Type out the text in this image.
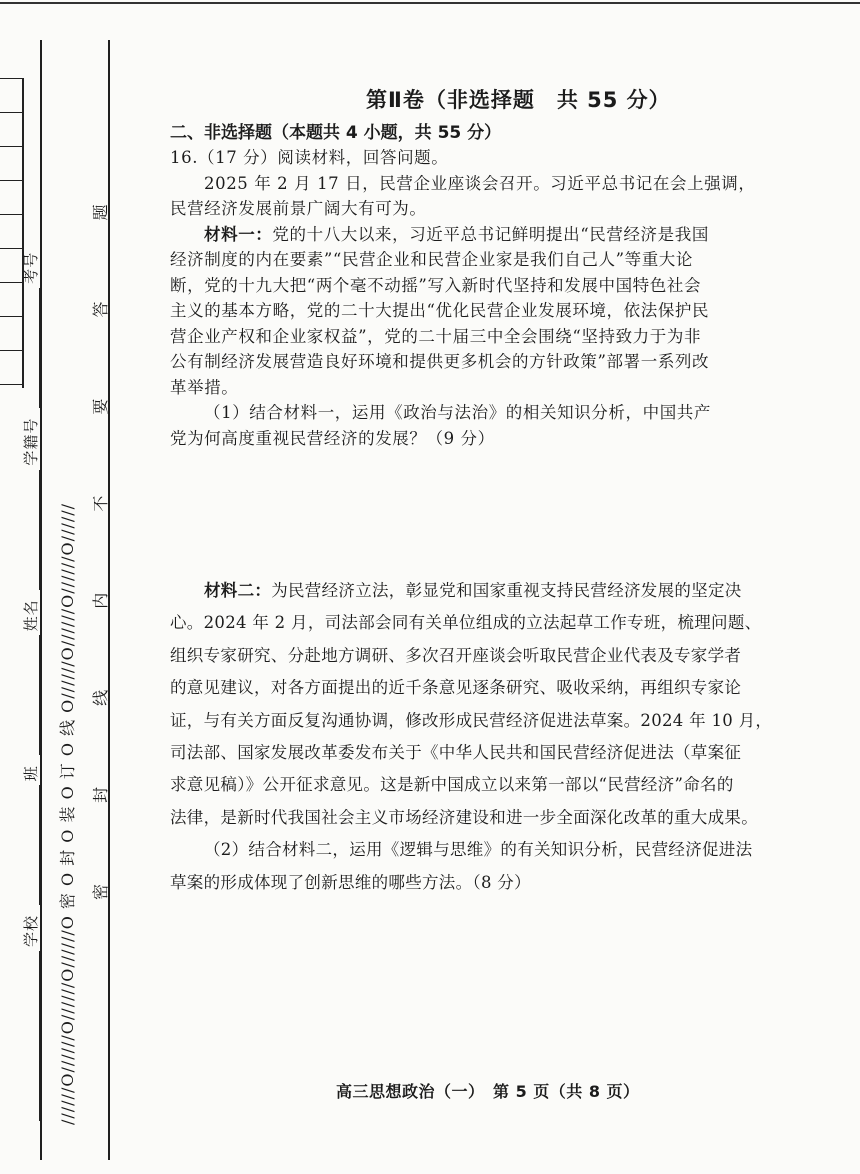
学校 班 姓名 学籍号 考号
//////O//////O//////O//////O 密 O 封 O 装 O 订 O 线 O//////O//////O//////O////// 密 封 线 内 不 要 答 题
第Ⅱ卷（非选择题　共 55 分）
二、非选择题（本题共 4 小题，共 55 分）
16.（17 分）阅读材料，回答问题。
2025 年 2 月 17 日，民营企业座谈会召开。习近平总书记在会上强调，
民营经济发展前景广阔大有可为。
材料一：党的十八大以来，习近平总书记鲜明提出“民营经济是我国
经济制度的内在要素”“民营企业和民营企业家是我们自己人”等重大论
断，党的十九大把“两个毫不动摇”写入新时代坚持和发展中国特色社会
主义的基本方略，党的二十大提出“优化民营企业发展环境，依法保护民
营企业产权和企业家权益”，党的二十届三中全会围绕“坚持致力于为非
公有制经济发展营造良好环境和提供更多机会的方针政策”部署一系列改
革举措。
（1）结合材料一，运用《政治与法治》的相关知识分析，中国共产
党为何高度重视民营经济的发展？（9 分）
材料二：为民营经济立法，彰显党和国家重视支持民营经济发展的坚定决
心。2024 年 2 月，司法部会同有关单位组成的立法起草工作专班，梳理问题、
组织专家研究、分赴地方调研、多次召开座谈会听取民营企业代表及专家学者
的意见建议，对各方面提出的近千条意见逐条研究、吸收采纳，再组织专家论
证，与有关方面反复沟通协调，修改形成民营经济促进法草案。2024 年 10 月，
司法部、国家发展改革委发布关于《中华人民共和国民营经济促进法（草案征
求意见稿）》公开征求意见。这是新中国成立以来第一部以“民营经济”命名的
法律，是新时代我国社会主义市场经济建设和进一步全面深化改革的重大成果。
（2）结合材料二，运用《逻辑与思维》的有关知识分析，民营经济促进法
草案的形成体现了创新思维的哪些方法。（8 分）
高三思想政治（一）　第 5 页（共 8 页）
